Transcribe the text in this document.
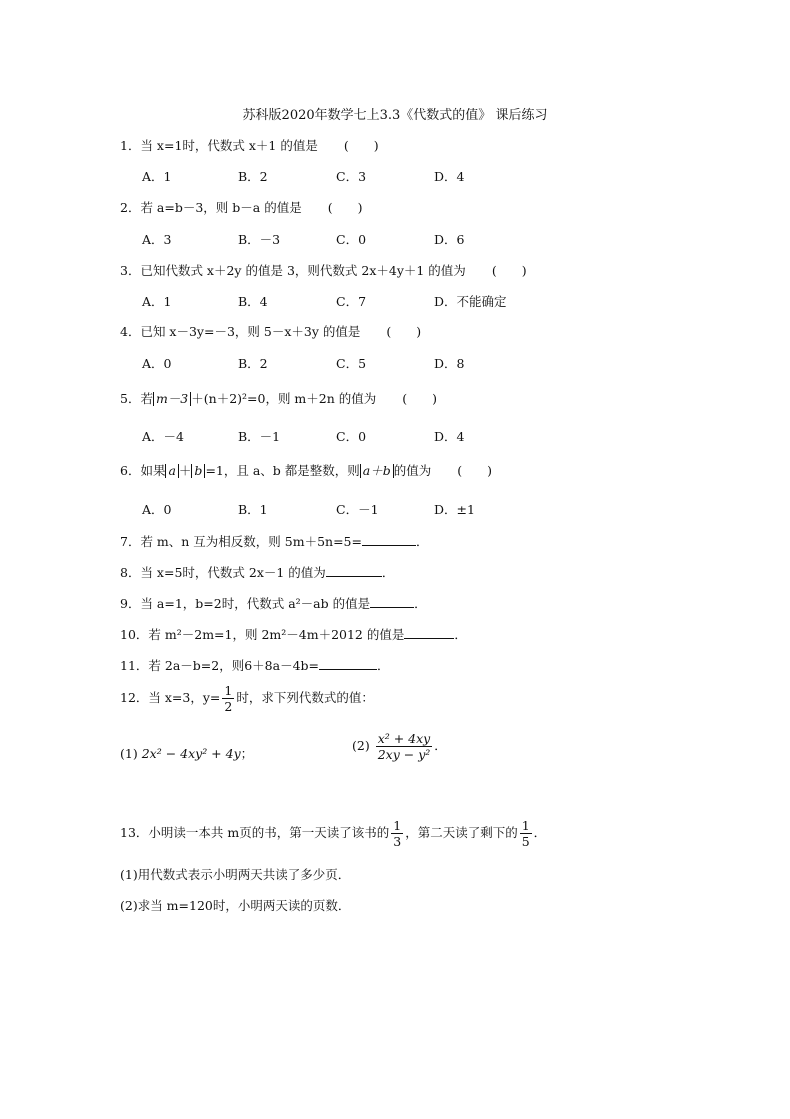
苏科版2020年数学七上3.3《代数式的值》 课后练习
1．当 x=1时，代数式 x＋1 的值是 (　　)
A．1	B．2	C．3	D．4
2．若 a=b－3，则 b－a 的值是 (　　)
A．3	B．－3	C．0	D．6
3．已知代数式 x＋2y 的值是 3，则代数式 2x＋4y＋1 的值为 (　　)
A．1	B．4	C．7	D．不能确定
4．已知 x－3y=－3，则 5－x＋3y 的值是 (　　)
A．0	B．2	C．5	D．8
5．若 m－3 ＋(n＋2)²=0，则 m＋2n 的值为 (　　)
A．－4	B．－1	C．0	D．4
6．如果 a ＋ b =1，且 a、b 都是整数，则 a＋b 的值为 (　　)
A．0	B．1	C．－1	D．±1
7．若 m、n 互为相反数，则 5m＋5n=5=	．
8．当 x=5时，代数式 2x－1 的值为	．
9．当 a=1，b=2时，代数式 a²－ab 的值是	．
10．若 m²－2m=1，则 2m²－4m＋2012 的值是	．
11．若 2a－b=2，则6＋8a－4b=	．
12．当 x=3，$y= \frac{1}{2}$ 时，求下列代数式的值：
(1) 2x² − 4xy² + 4y；
$(2) \frac{\text{x² + 4xy}}{\text{2xy − y²}}$ ．
13．小明读一本共 m页的书，第一天读了该书的 $\frac{1}{3}$ ，第二天读了剩下的 $\frac{1}{5}$ ．
(1)用代数式表示小明两天共读了多少页．
(2)求当 m=120时，小明两天读的页数．
